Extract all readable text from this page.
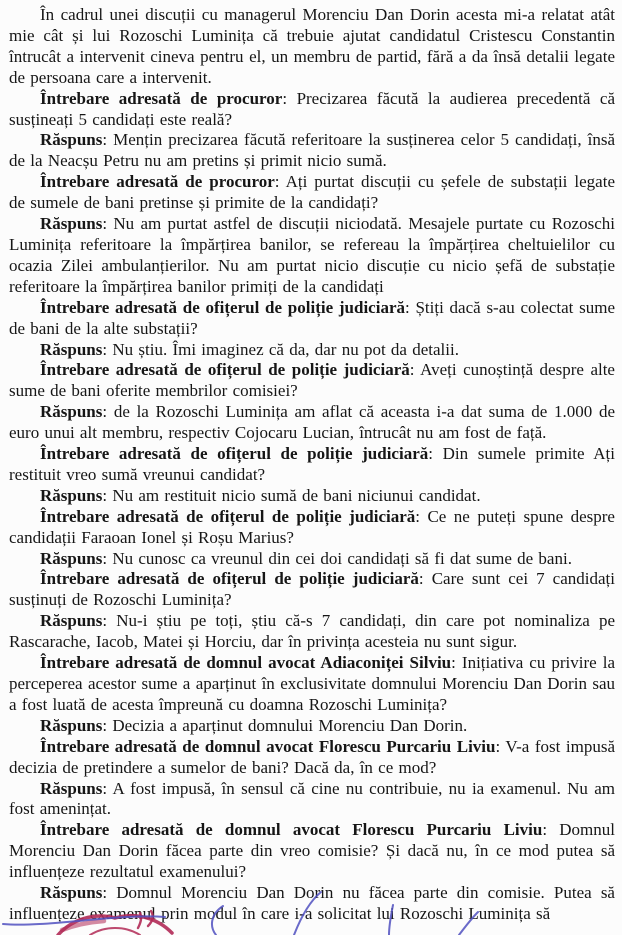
În cadrul unei discuții cu managerul Morenciu Dan Dorin acesta mi-a relatat atât mie cât și lui Rozoschi Luminița că trebuie ajutat candidatul Cristescu Constantin întrucât a intervenit cineva pentru el, un membru de partid, fără a da însă detalii legate de persoana care a intervenit.

Întrebare adresată de procuror: Precizarea făcută la audierea precedentă că susțineați 5 candidați este reală?

Răspuns: Mențin precizarea făcută referitoare la susținerea celor 5 candidați, însă de la Neacșu Petru nu am pretins și primit nicio sumă.

Întrebare adresată de procuror: Ați purtat discuții cu șefele de substații legate de sumele de bani pretinse și primite de la candidați?

Răspuns: Nu am purtat astfel de discuții niciodată. Mesajele purtate cu Rozoschi Luminița referitoare la împărțirea banilor, se refereau la împărțirea cheltuielilor cu ocazia Zilei ambulanțierilor. Nu am purtat nicio discuție cu nicio șefă de substație referitoare la împărțirea banilor primiți de la candidați

Întrebare adresată de ofițerul de poliție judiciară: Știți dacă s-au colectat sume de bani de la alte substații?

Răspuns: Nu știu. Îmi imaginez că da, dar nu pot da detalii.

Întrebare adresată de ofițerul de poliție judiciară: Aveți cunoștință despre alte sume de bani oferite membrilor comisiei?

Răspuns: de la Rozoschi Luminița am aflat că aceasta i-a dat suma de 1.000 de euro unui alt membru, respectiv Cojocaru Lucian, întrucât nu am fost de față.

Întrebare adresată de ofițerul de poliție judiciară: Din sumele primite Ați restituit vreo sumă vreunui candidat?

Răspuns: Nu am restituit nicio sumă de bani niciunui candidat.

Întrebare adresată de ofițerul de poliție judiciară: Ce ne puteți spune despre candidații Faraoan Ionel și Roșu Marius?

Răspuns: Nu cunosc ca vreunul din cei doi candidați să fi dat sume de bani.

Întrebare adresată de ofițerul de poliție judiciară: Care sunt cei 7 candidați susținuți de Rozoschi Luminița?

Răspuns: Nu-i știu pe toți, știu că-s 7 candidați, din care pot nominaliza pe Rascarache, Iacob, Matei și Horciu, dar în privința acesteia nu sunt sigur.

Întrebare adresată de domnul avocat Adiaconiței Silviu: Inițiativa cu privire la perceperea acestor sume a aparținut în exclusivitate domnului Morenciu Dan Dorin sau a fost luată de acesta împreună cu doamna Rozoschi Luminița?

Răspuns: Decizia a aparținut domnului Morenciu Dan Dorin.

Întrebare adresată de domnul avocat Florescu Purcariu Liviu: V-a fost impusă decizia de pretindere a sumelor de bani? Dacă da, în ce mod?

Răspuns: A fost impusă, în sensul că cine nu contribuie, nu ia examenul. Nu am fost amenințat.

Întrebare adresată de domnul avocat Florescu Purcariu Liviu: Domnul Morenciu Dan Dorin făcea parte din vreo comisie? Și dacă nu, în ce mod putea să influențeze rezultatul examenului?

Răspuns: Domnul Morenciu Dan Dorin nu făcea parte din comisie. Putea să influențeze examenul prin modul în care i-a solicitat lui Rozoschi Luminița să
